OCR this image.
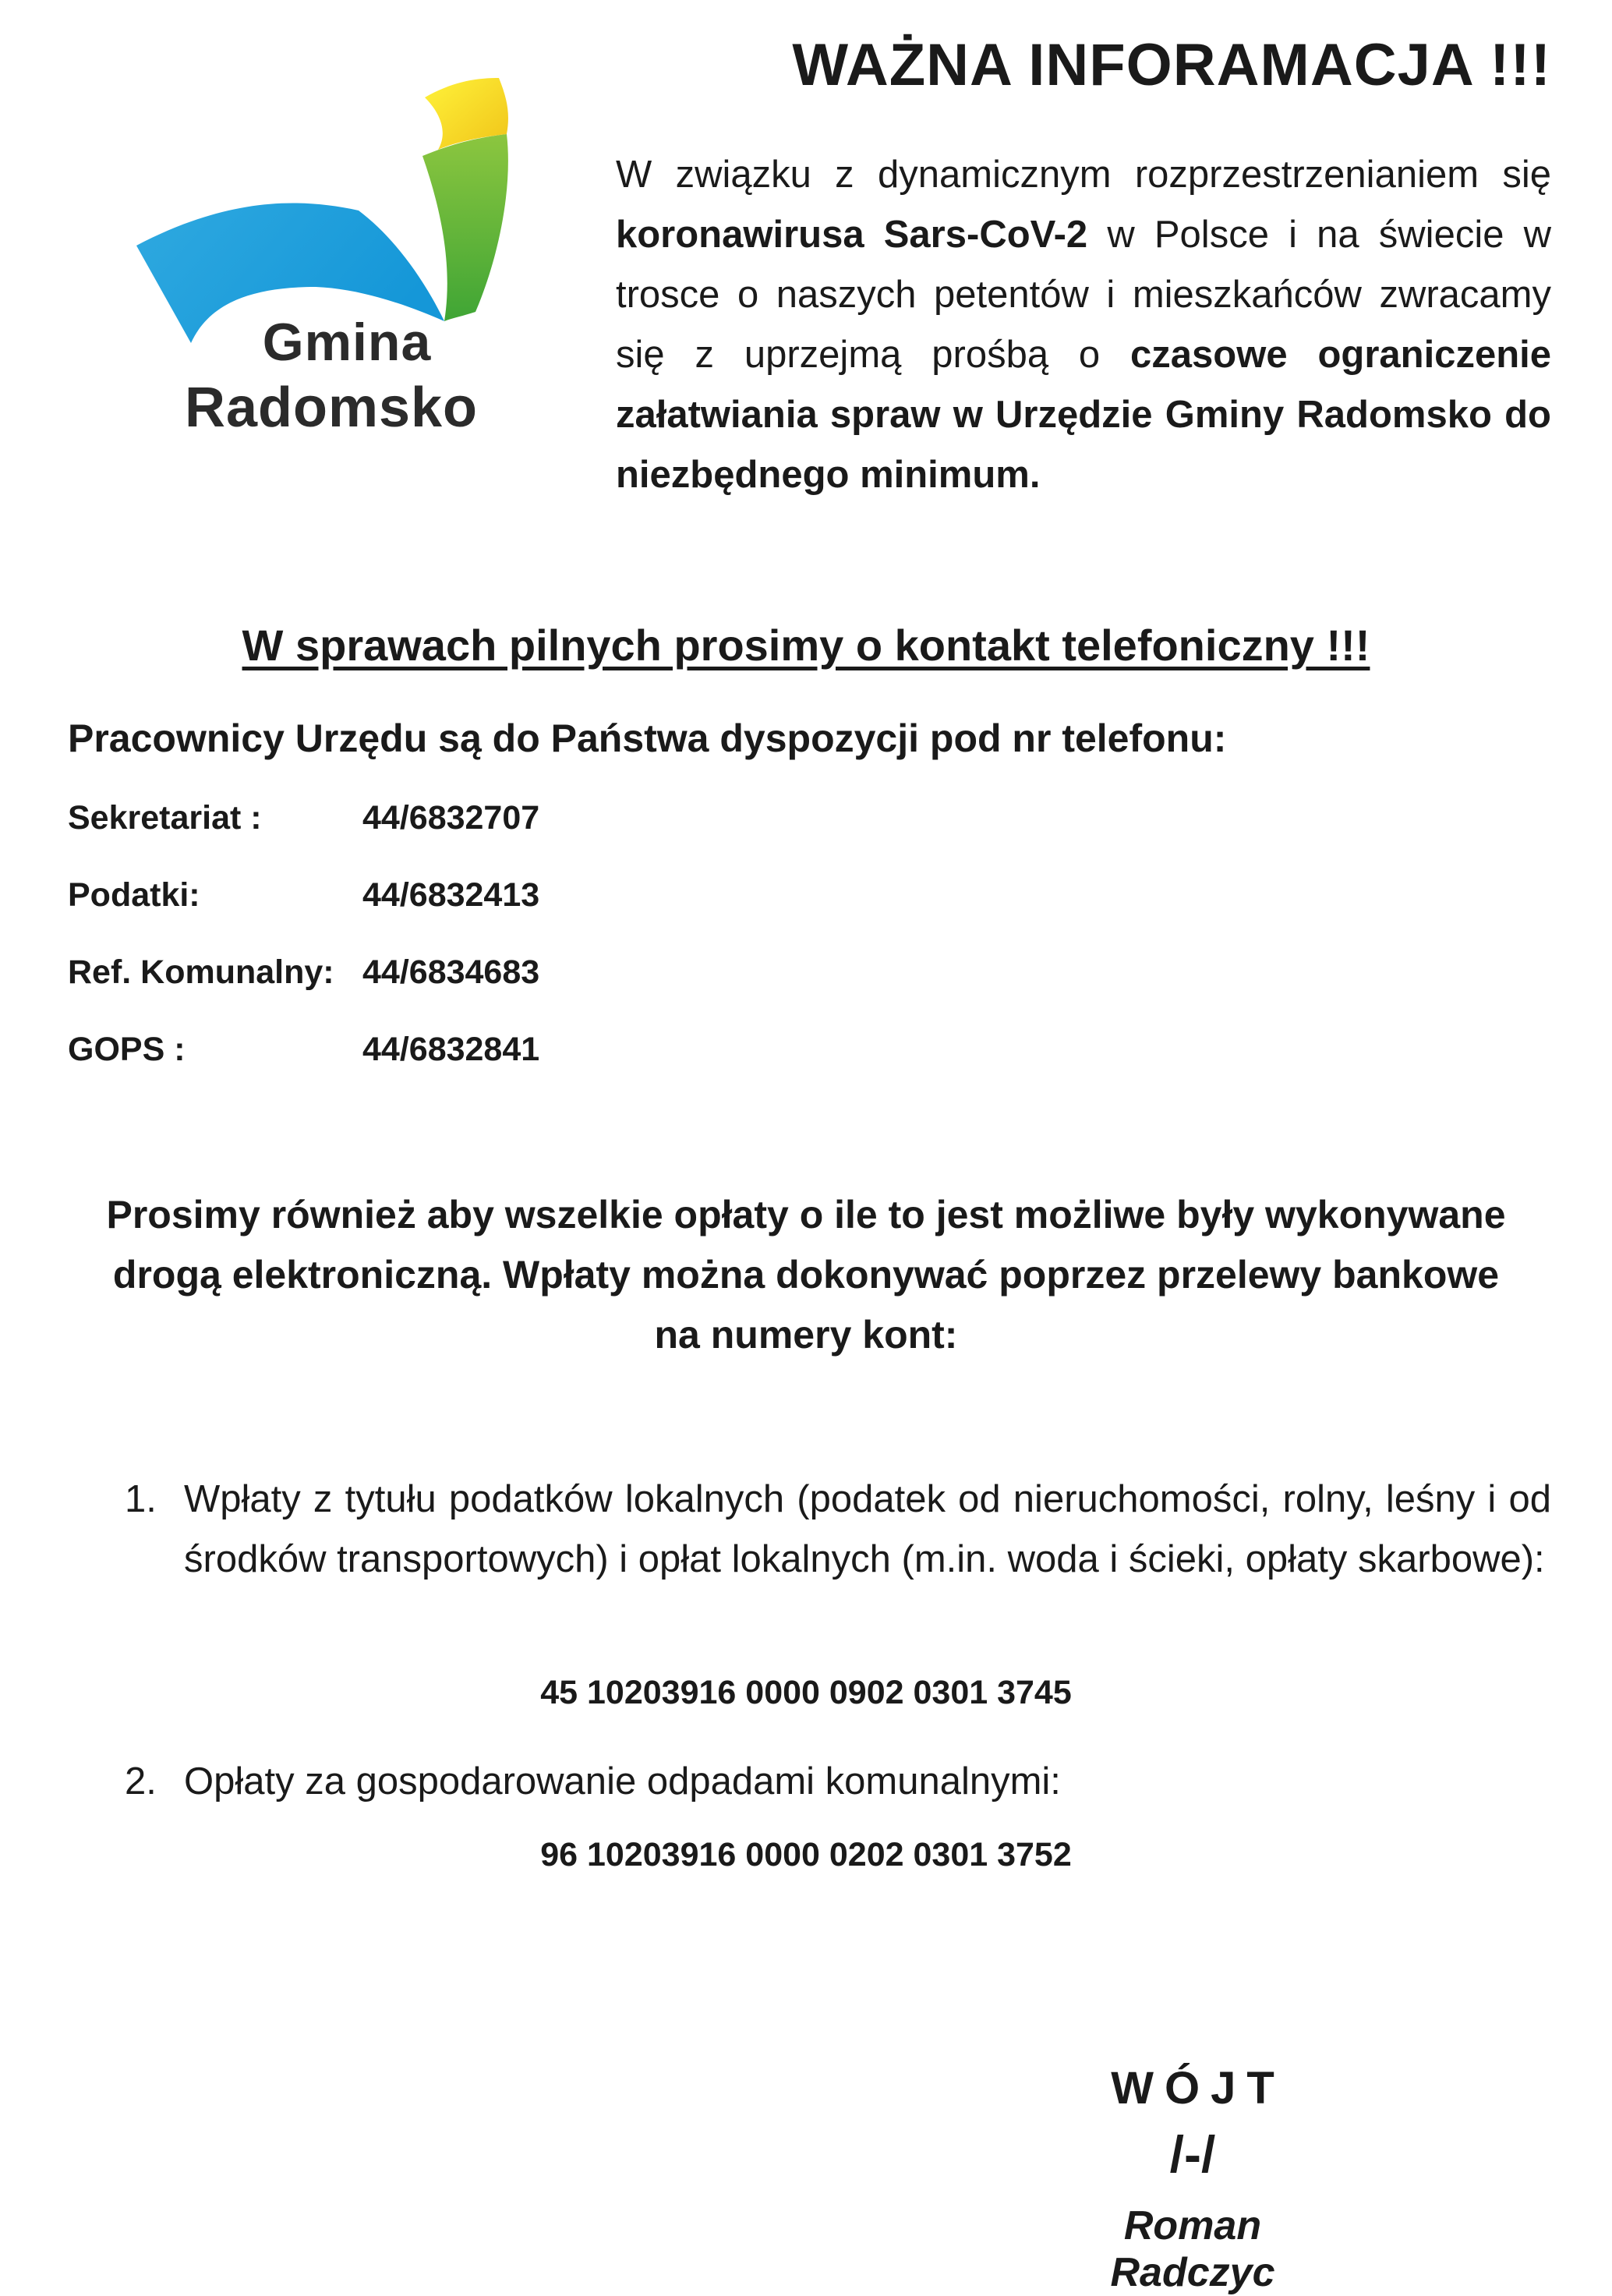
Gmina
Radomsko
WAŻNA INFORAMACJA !!!
W związku z dynamicznym rozprzestrzenianiem się koronawirusa Sars-CoV-2 w Polsce i na świecie w trosce o naszych petentów i mieszkańców zwracamy się z uprzejmą prośbą o czasowe ograniczenie załatwiania spraw w Urzędzie Gminy Radomsko do niezbędnego minimum.
W sprawach pilnych prosimy o kontakt telefoniczny !!!
Pracownicy Urzędu są do Państwa dyspozycji pod nr telefonu:
Sekretariat :	44/6832707
Podatki:	44/6832413
Ref. Komunalny: 44/6834683
GOPS :	44/6832841
Prosimy również aby wszelkie opłaty o ile to jest możliwe były wykonywane
drogą elektroniczną. Wpłaty można dokonywać poprzez przelewy bankowe
na numery kont:
1. Wpłaty z tytułu podatków lokalnych (podatek od nieruchomości, rolny, leśny i od środków transportowych) i opłat lokalnych (m.in. woda i ścieki, opłaty skarbowe):
2. Opłaty za gospodarowanie odpadami komunalnymi:
45 10203916 0000 0902 0301 3745
96 10203916 0000 0202 0301 3752
WÓJT
/-/
Roman Radczyc
